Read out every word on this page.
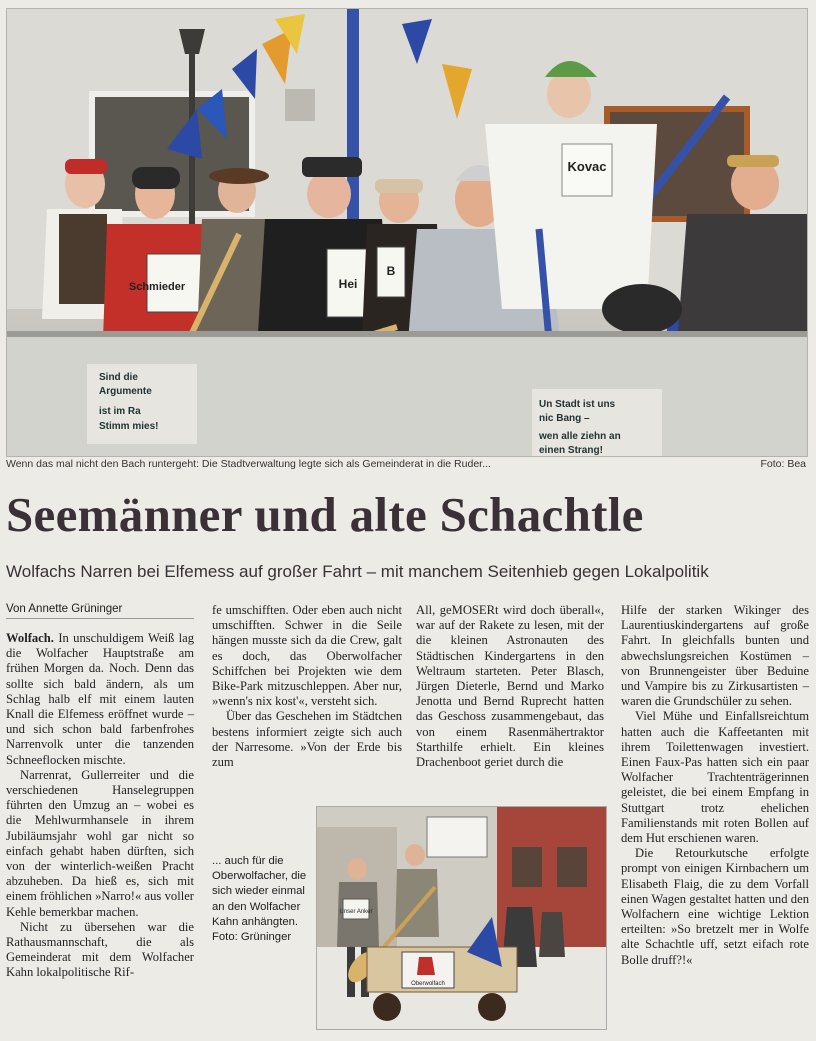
Schmieder	Hei
B
Kovac
Sind die
Argumente
ist im Ra
Stimm mies!
Un Stadt ist uns
nic Bang –
wen alle ziehn an
einen Strang!
Wenn das mal nicht den Bach runtergeht: Die Stadtverwaltung legte sich als Gemeinderat in die Ruder...	Foto: Bea
Seemänner und alte Schachtle
Wolfachs Narren bei Elfemess auf großer Fahrt – mit manchem Seitenhieb gegen Lokalpolitik
Von Annette Grüninger

Wolfach. In unschuldigem Weiß lag die Wolfacher Hauptstraße am frühen Morgen da. Noch. Denn das sollte sich bald ändern, als um Schlag halb elf mit einem lauten Knall die Elfemess eröffnet wurde – und sich schon bald farbenfrohes Narrenvolk unter die tanzenden Schneeflocken mischte.

Narrenrat, Gullerreiter und die verschiedenen Hanselegruppen führten den Umzug an – wobei es die Mehlwurmhansele in ihrem Jubiläumsjahr wohl gar nicht so einfach gehabt haben dürften, sich von der winterlich-weißen Pracht abzuheben. Da hieß es, sich mit einem fröhlichen »Narro!« aus voller Kehle bemerkbar machen.

Nicht zu übersehen war die Rathausmannschaft, die als Gemeinderat mit dem Wolfacher Kahn lokalpolitische Rif-

fe umschifften. Oder eben auch nicht umschifften. Schwer in die Seile hängen musste sich da die Crew, galt es doch, das Oberwolfacher Schiffchen bei Projekten wie dem Bike-Park mitzuschleppen. Aber nur, »wenn's nix kost'«, versteht sich.

Über das Geschehen im Städtchen bestens informiert zeigte sich auch der Narresome. »Von der Erde bis zum

All, geMOSERt wird doch überall«, war auf der Rakete zu lesen, mit der die kleinen Astronauten des Städtischen Kindergartens in den Weltraum starteten. Peter Blasch, Jürgen Dieterle, Bernd und Marko Jenotta und Bernd Ruprecht hatten das Geschoss zusammengebaut, das von einem Rasenmähertraktor Starthilfe erhielt. Ein kleines Drachenboot geriet durch die

Hilfe der starken Wikinger des Laurentiuskindergartens auf große Fahrt. In gleichfalls bunten und abwechslungsreichen Kostümen – von Brunnengeister über Beduine und Vampire bis zu Zirkusartisten – waren die Grundschüler zu sehen.

Viel Mühe und Einfallsreichtum hatten auch die Kaffeetanten mit ihrem Toilettenwagen investiert. Einen Faux-Pas hatten sich ein paar Wolfacher Trachtenträgerinnen geleistet, die bei einem Empfang in Stuttgart trotz ehelichen Familienstands mit roten Bollen auf dem Hut erschienen waren.

Die Retourkutsche erfolgte prompt von einigen Kirnbachern um Elisabeth Flaig, die zu dem Vorfall einen Wagen gestaltet hatten und den Wolfachern eine wichtige Lektion erteilten: »So bretzelt mer in Wolfe alte Schachtle uff, setzt eifach rote Bolle druff?!«

... auch für die Oberwolfacher, die sich wieder einmal an den Wolfacher Kahn anhängten. Foto: Grüninger
Unser Anker
Oberwolfach
